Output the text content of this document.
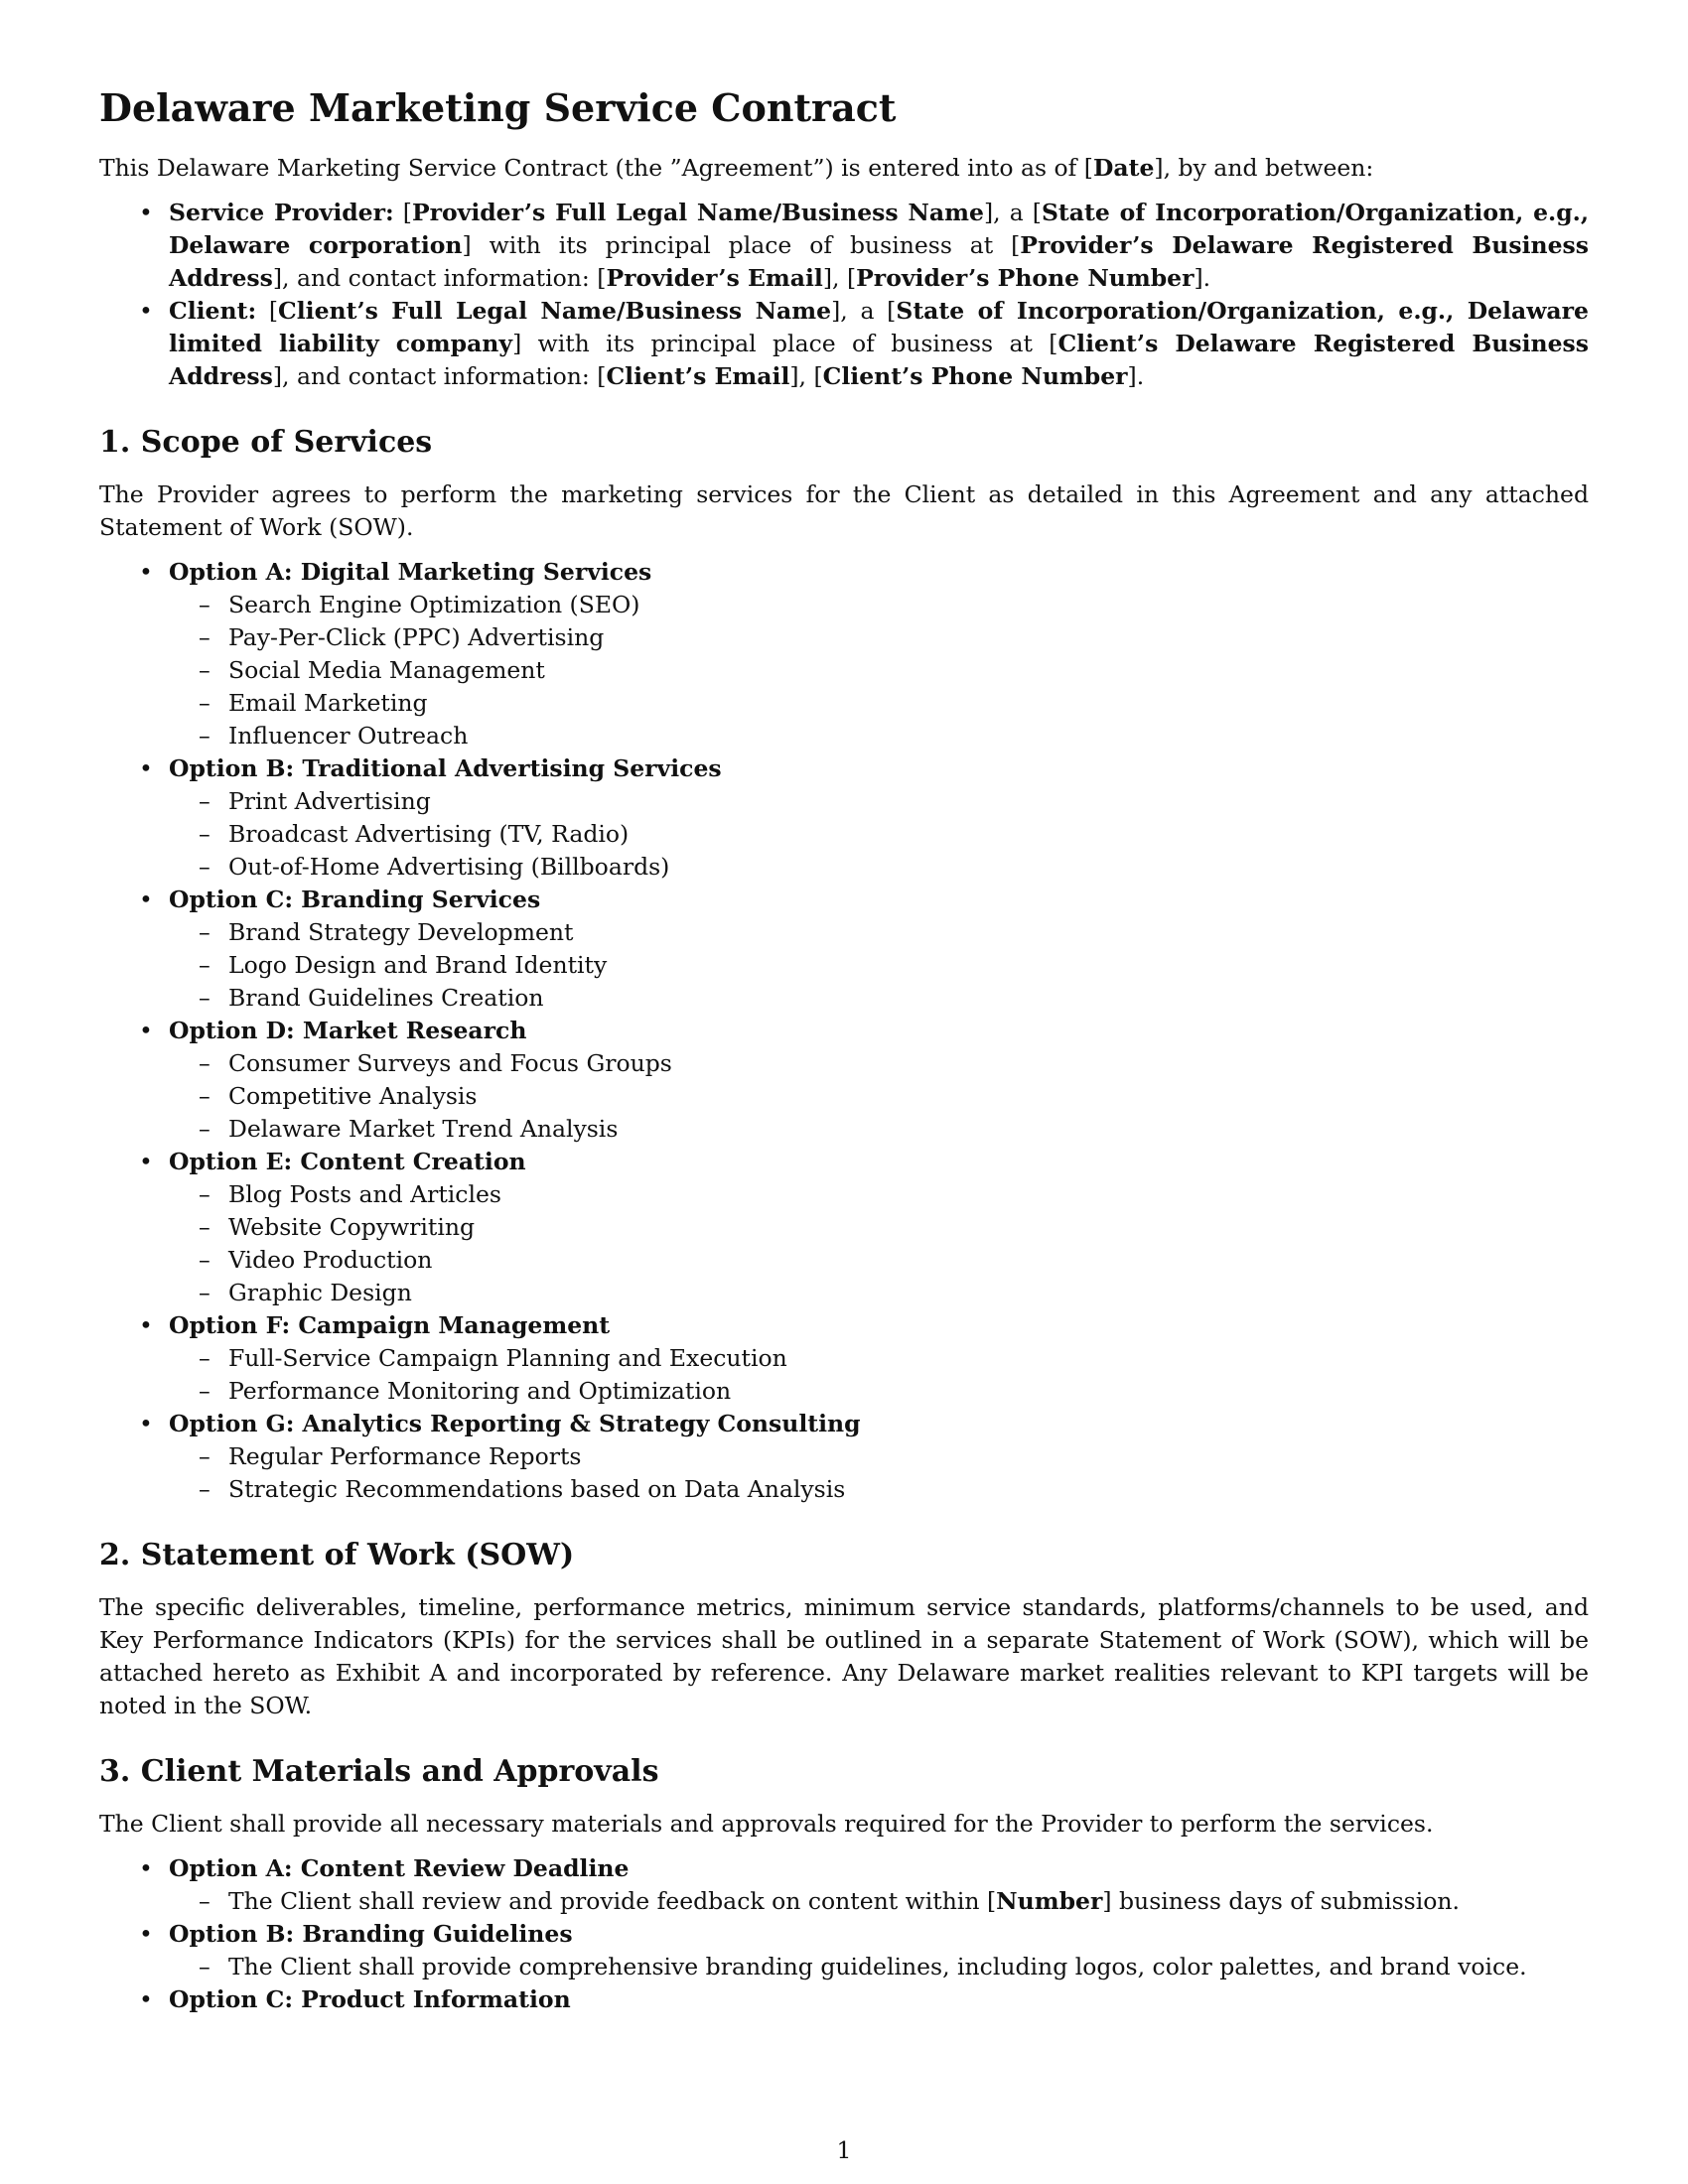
Delaware Marketing Service Contract

This Delaware Marketing Service Contract (the ”Agreement”) is entered into as of [Date], by and between:

• Service Provider: [Provider’s Full Legal Name/Business Name], a [State of Incorporation/Organization, e.g., Delaware corporation] with its principal place of business at [Provider’s Delaware Registered Business Address], and contact information: [Provider’s Email], [Provider’s Phone Number].
• Client: [Client’s Full Legal Name/Business Name], a [State of Incorporation/Organization, e.g., Delaware limited liability company] with its principal place of business at [Client’s Delaware Registered Business Address], and contact information: [Client’s Email], [Client’s Phone Number].
1. Scope of Services

The Provider agrees to perform the marketing services for the Client as detailed in this Agreement and any attached Statement of Work (SOW).

• Option A: Digital Marketing Services
– Search Engine Optimization (SEO)
– Pay-Per-Click (PPC) Advertising
– Social Media Management
– Email Marketing
– Influencer Outreach
• Option B: Traditional Advertising Services
– Print Advertising
– Broadcast Advertising (TV, Radio)
– Out-of-Home Advertising (Billboards)
• Option C: Branding Services
– Brand Strategy Development
– Logo Design and Brand Identity
– Brand Guidelines Creation
• Option D: Market Research
– Consumer Surveys and Focus Groups
– Competitive Analysis
– Delaware Market Trend Analysis
• Option E: Content Creation
– Blog Posts and Articles
– Website Copywriting
– Video Production
– Graphic Design
• Option F: Campaign Management
– Full-Service Campaign Planning and Execution
– Performance Monitoring and Optimization
• Option G: Analytics Reporting & Strategy Consulting
– Regular Performance Reports
– Strategic Recommendations based on Data Analysis
2. Statement of Work (SOW)

The specific deliverables, timeline, performance metrics, minimum service standards, platforms/channels to be used, and Key Performance Indicators (KPIs) for the services shall be outlined in a separate Statement of Work (SOW), which will be attached hereto as Exhibit A and incorporated by reference. Any Delaware market realities relevant to KPI targets will be noted in the SOW.

3. Client Materials and Approvals

The Client shall provide all necessary materials and approvals required for the Provider to perform the services.

• Option A: Content Review Deadline
– The Client shall review and provide feedback on content within [Number] business days of submission.
• Option B: Branding Guidelines
– The Client shall provide comprehensive branding guidelines, including logos, color palettes, and brand voice.
• Option C: Product Information
1
